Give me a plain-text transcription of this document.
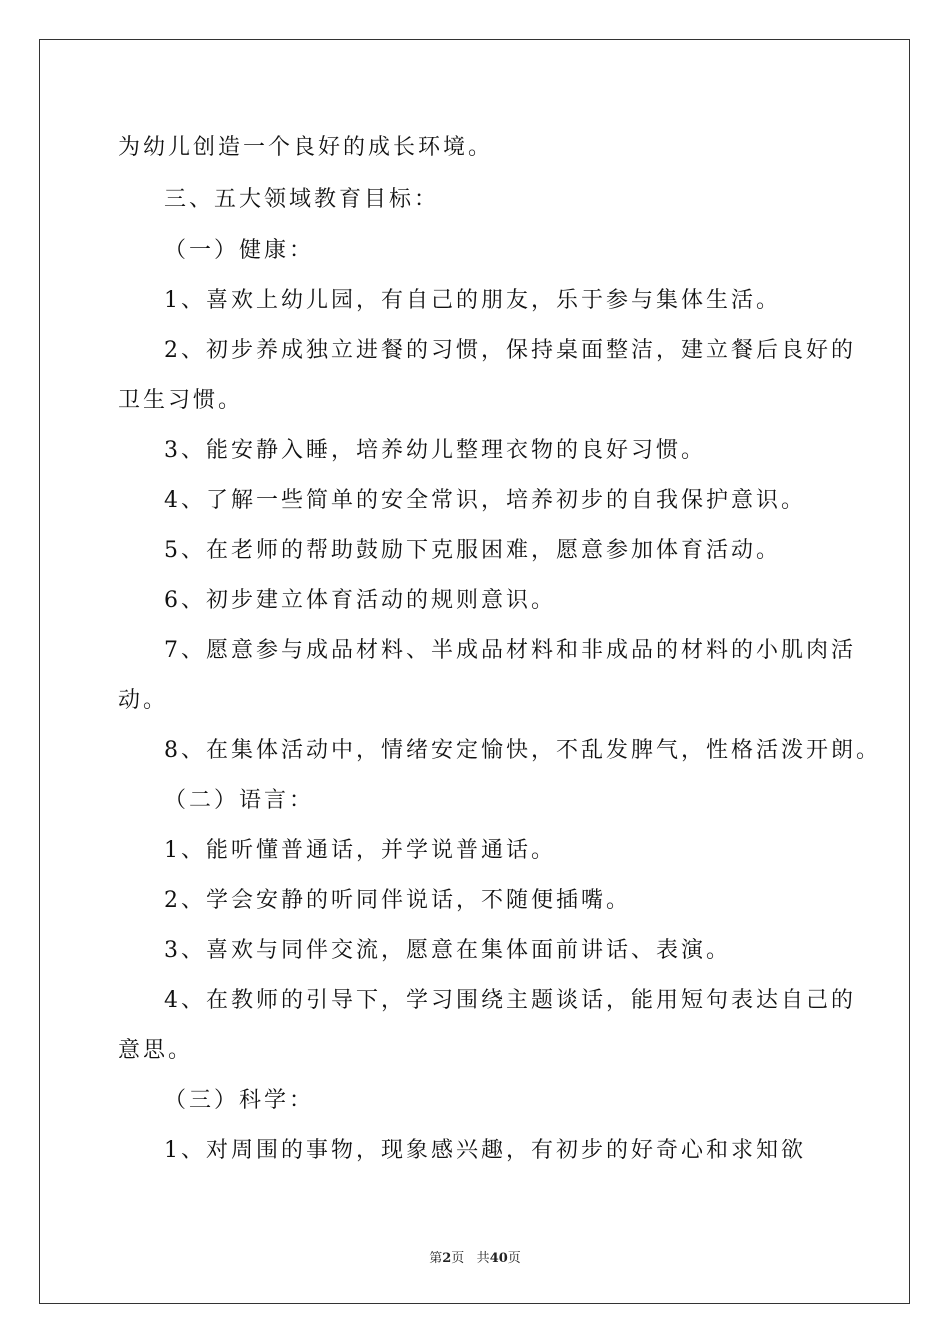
为幼儿创造一个良好的成长环境。
三、五大领域教育目标：
（一）健康：
1、喜欢上幼儿园，有自己的朋友，乐于参与集体生活。
2、初步养成独立进餐的习惯，保持桌面整洁，建立餐后良好的
卫生习惯。
3、能安静入睡，培养幼儿整理衣物的良好习惯。
4、了解一些简单的安全常识，培养初步的自我保护意识。
5、在老师的帮助鼓励下克服困难，愿意参加体育活动。
6、初步建立体育活动的规则意识。
7、愿意参与成品材料、半成品材料和非成品的材料的小肌肉活
动。
8、在集体活动中，情绪安定愉快，不乱发脾气，性格活泼开朗。
（二）语言：
1、能听懂普通话，并学说普通话。
2、学会安静的听同伴说话，不随便插嘴。
3、喜欢与同伴交流，愿意在集体面前讲话、表演。
4、在教师的引导下，学习围绕主题谈话，能用短句表达自己的
意思。
（三）科学：
1、对周围的事物，现象感兴趣，有初步的好奇心和求知欲
第2页 共40页
